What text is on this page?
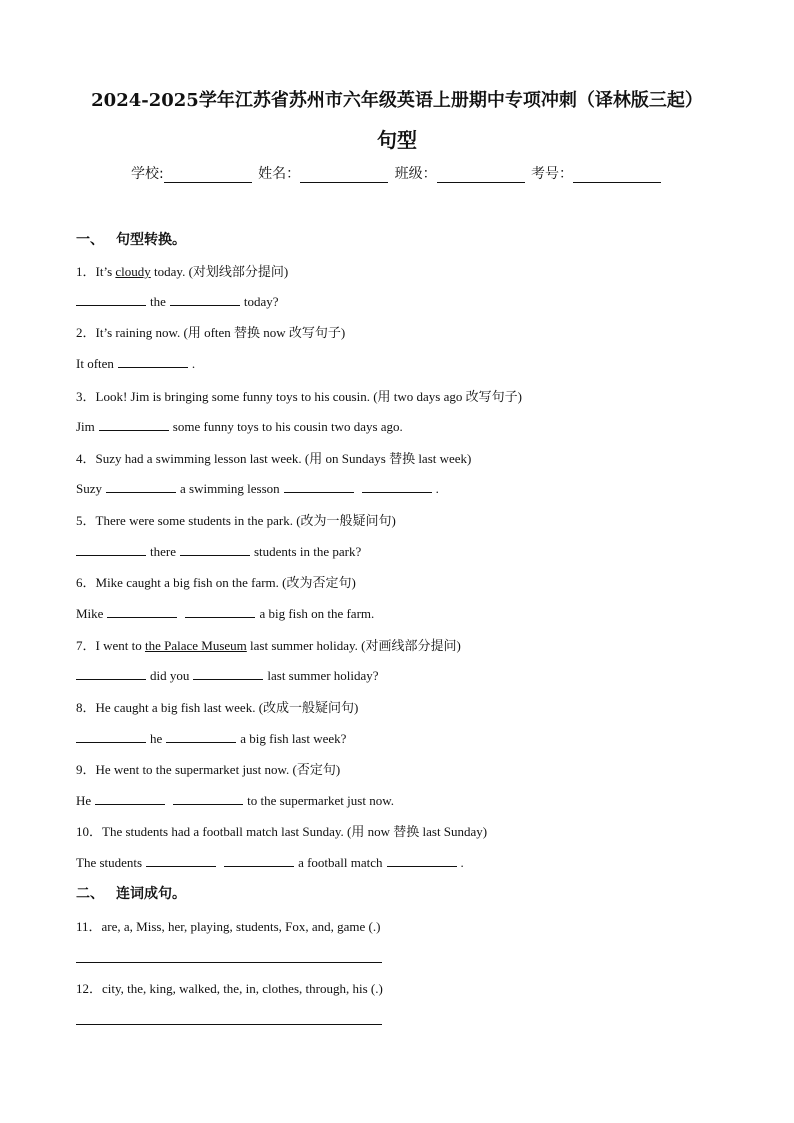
2024-2025学年江苏省苏州市六年级英语上册期中专项冲刺（译林版三起）
句型
学校:	姓名：	班级：	考号：
一、 句型转换。
1．It’s cloudy today. (对划线部分提问)
the	today?
2．It’s raining now. (用 often 替换 now 改写句子)
It often	.
3．Look! Jim is bringing some funny toys to his cousin. (用 two days ago 改写句子)
Jim	some funny toys to his cousin two days ago.
4．Suzy had a swimming lesson last week. (用 on Sundays 替换 last week)
Suzy	a swimming lesson	.
5．There were some students in the park. (改为一般疑问句)
there	students in the park?
6．Mike caught a big fish on the farm. (改为否定句)
Mike	a big fish on the farm.
7．I went to the Palace Museum last summer holiday. (对画线部分提问)
did you	last summer holiday?
8．He caught a big fish last week. (改成一般疑问句)
he	a big fish last week?
9．He went to the supermarket just now. (否定句)
He	to the supermarket just now.
10．The students had a football match last Sunday. (用 now 替换 last Sunday)
The students	a football match	.
二、 连词成句。
11．are, a, Miss, her, playing, students, Fox, and, game (.)
12．city, the, king, walked, the, in, clothes, through, his (.)
